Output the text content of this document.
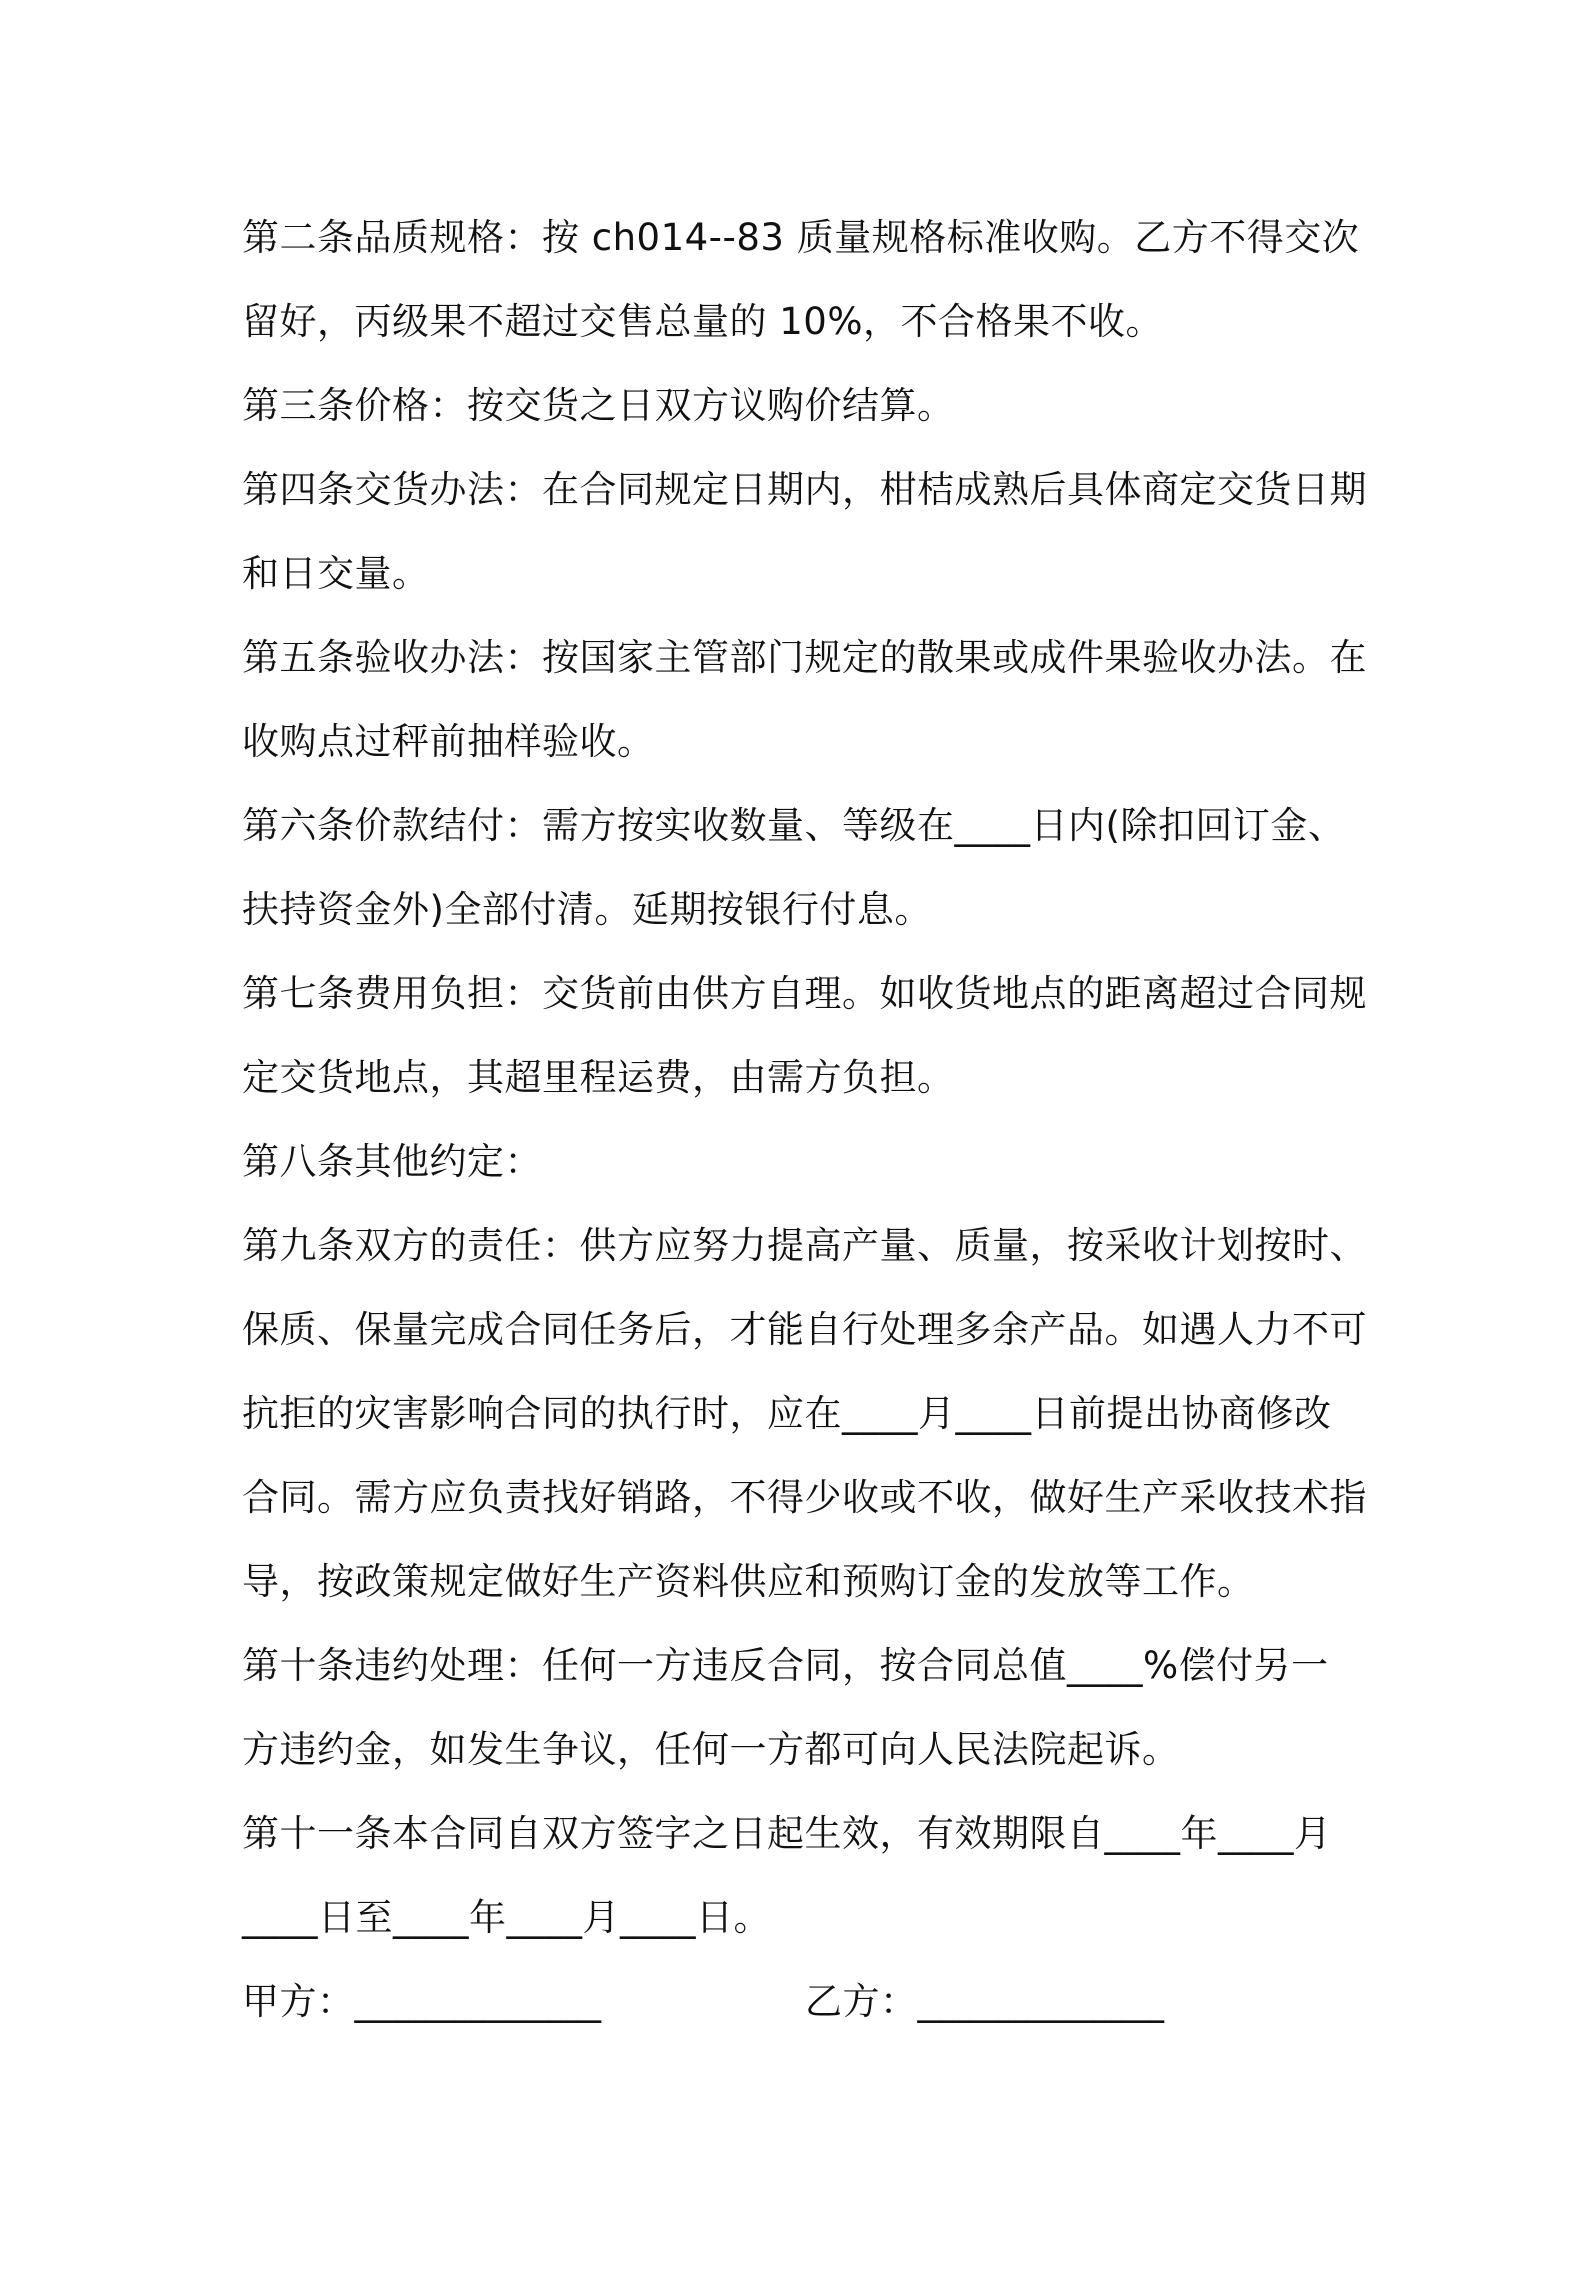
第二条品质规格：按 ch014--83 质量规格标准收购。乙方不得交次
留好，丙级果不超过交售总量的 10%，不合格果不收。
第三条价格：按交货之日双方议购价结算。
第四条交货办法：在合同规定日期内，柑桔成熟后具体商定交货日期
和日交量。
第五条验收办法：按国家主管部门规定的散果或成件果验收办法。在
收购点过秤前抽样验收。
第六条价款结付：需方按实收数量、等级在____日内(除扣回订金、
扶持资金外)全部付清。延期按银行付息。
第七条费用负担：交货前由供方自理。如收货地点的距离超过合同规
定交货地点，其超里程运费，由需方负担。
第八条其他约定：
第九条双方的责任：供方应努力提高产量、质量，按采收计划按时、
保质、保量完成合同任务后，才能自行处理多余产品。如遇人力不可
抗拒的灾害影响合同的执行时，应在____月____日前提出协商修改
合同。需方应负责找好销路，不得少收或不收，做好生产采收技术指
导，按政策规定做好生产资料供应和预购订金的发放等工作。
第十条违约处理：任何一方违反合同，按合同总值____%偿付另一
方违约金，如发生争议，任何一方都可向人民法院起诉。
第十一条本合同自双方签字之日起生效，有效期限自____年____月
____日至____年____月____日。

甲方：_____________

	乙方：_____________
